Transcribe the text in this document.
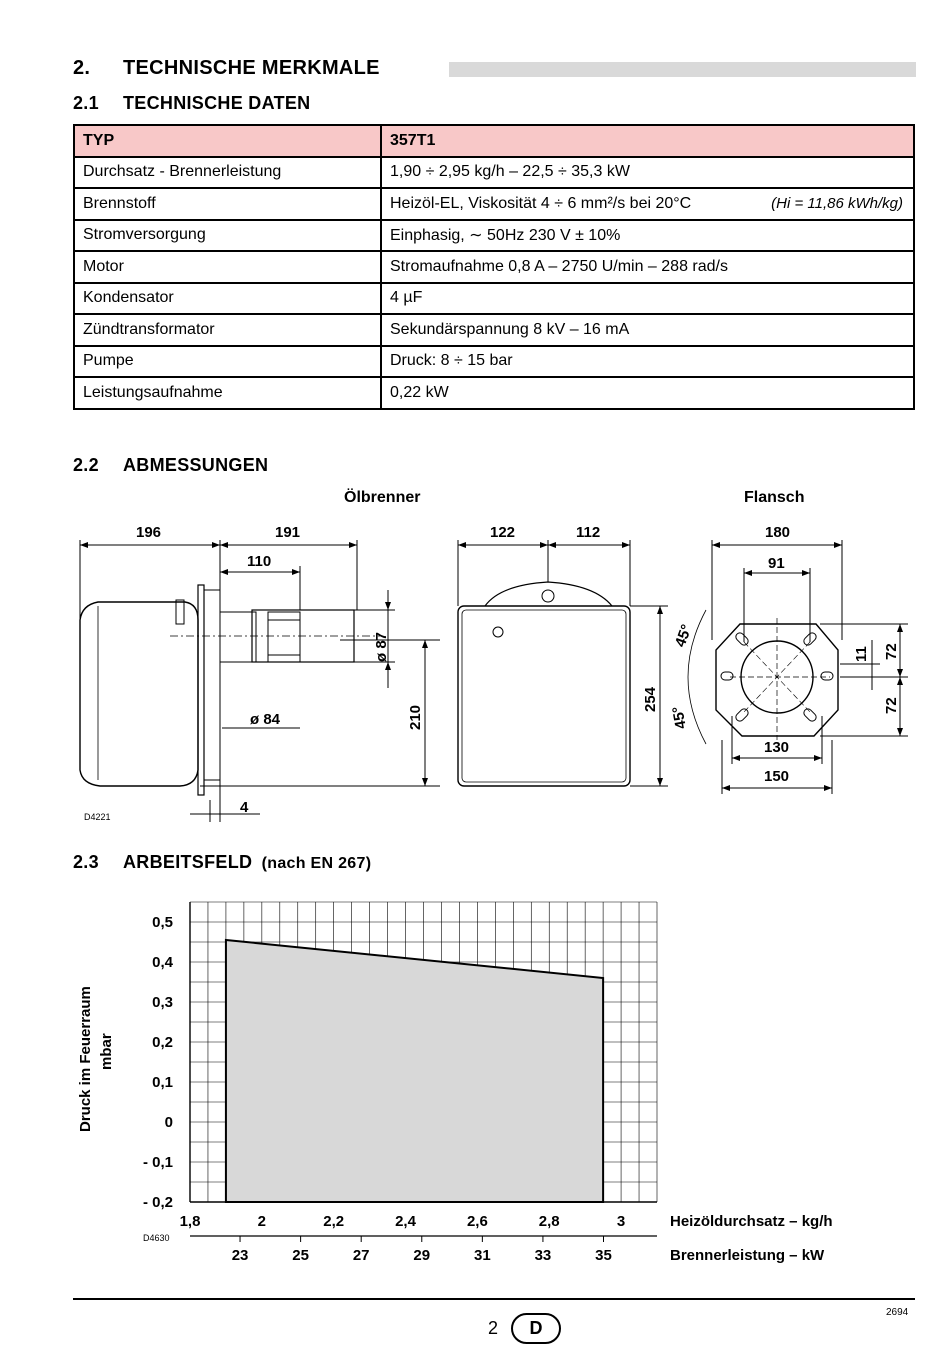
2. TECHNISCHE MERKMALE
2.1 TECHNISCHE DATEN
TYP	357T1
Durchsatz - Brennerleistung	1,90 ÷ 2,95 kg/h – 22,5 ÷ 35,3 kW
Brennstoff	Heizöl-EL, Viskosität 4 ÷ 6 mm²/s bei 20°C (Hi = 11,86 kWh/kg)

Stromversorgung	Einphasig, ∼ 50Hz 230 V ± 10%
Motor	Stromaufnahme 0,8 A – 2750 U/min – 288 rad/s
Kondensator	4 µF
Zündtransformator	Sekundärspannung 8 kV – 16 mA
Pumpe	Druck: 8 ÷ 15 bar
Leistungsaufnahme	0,22 kW
2.2 ABMESSUNGEN
Ölbrenner	Flansch
196	191
110
ø 87
ø 84	210
4
122	112
254
180
91
130
150
11 72
72
45°
45°
D4221
2.3 ARBEITSFELD (nach EN 267)
0,5
0,4
0,3
0,2
0,1
0
- 0,1
- 0,2
1,8	2	2,2	2,4	2,6	2,8	3
23	25	27	29	31	33	35
Druck im Feuerraum mbar
Heizöldurchsatz – kg/h
Brennerleistung – kW
D4630
2694
2	D
